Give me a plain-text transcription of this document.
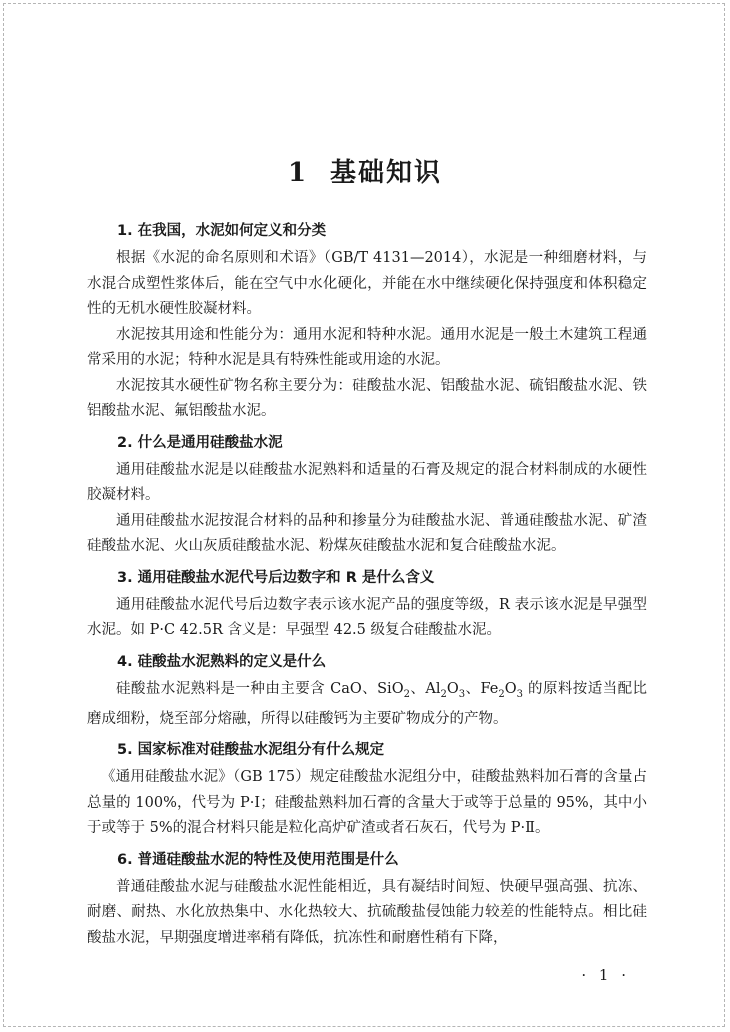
1 基础知识
1. 在我国，水泥如何定义和分类

根据《水泥的命名原则和术语》（GB/T 4131—2014），水泥是一种细磨材料，与水混合成塑性浆体后，能在空气中水化硬化，并能在水中继续硬化保持强度和体积稳定性的无机水硬性胶凝材料。

水泥按其用途和性能分为：通用水泥和特种水泥。通用水泥是一般土木建筑工程通常采用的水泥；特种水泥是具有特殊性能或用途的水泥。

水泥按其水硬性矿物名称主要分为：硅酸盐水泥、铝酸盐水泥、硫铝酸盐水泥、铁铝酸盐水泥、氟铝酸盐水泥。

2. 什么是通用硅酸盐水泥

通用硅酸盐水泥是以硅酸盐水泥熟料和适量的石膏及规定的混合材料制成的水硬性胶凝材料。

通用硅酸盐水泥按混合材料的品种和掺量分为硅酸盐水泥、普通硅酸盐水泥、矿渣硅酸盐水泥、火山灰质硅酸盐水泥、粉煤灰硅酸盐水泥和复合硅酸盐水泥。

3. 通用硅酸盐水泥代号后边数字和 R 是什么含义

通用硅酸盐水泥代号后边数字表示该水泥产品的强度等级，R 表示该水泥是早强型水泥。如 P·C 42.5R 含义是：早强型 42.5 级复合硅酸盐水泥。

4. 硅酸盐水泥熟料的定义是什么

硅酸盐水泥熟料是一种由主要含 CaO、SiO$_2$、$Al_2O_3$、$Fe_2O_3$ 的原料按适当配比磨成细粉，烧至部分熔融，所得以硅酸钙为主要矿物成分的产物。

5. 国家标准对硅酸盐水泥组分有什么规定

《通用硅酸盐水泥》（GB 175）规定硅酸盐水泥组分中，硅酸盐熟料加石膏的含量占总量的 100%，代号为 P·Ⅰ；硅酸盐熟料加石膏的含量大于或等于总量的 95%，其中小于或等于 5%的混合材料只能是粒化高炉矿渣或者石灰石，代号为 P·Ⅱ。

6. 普通硅酸盐水泥的特性及使用范围是什么

普通硅酸盐水泥与硅酸盐水泥性能相近，具有凝结时间短、快硬早强高强、抗冻、耐磨、耐热、水化放热集中、水化热较大、抗硫酸盐侵蚀能力较差的性能特点。相比硅酸盐水泥，早期强度增进率稍有降低，抗冻性和耐磨性稍有下降，

· 1 ·
